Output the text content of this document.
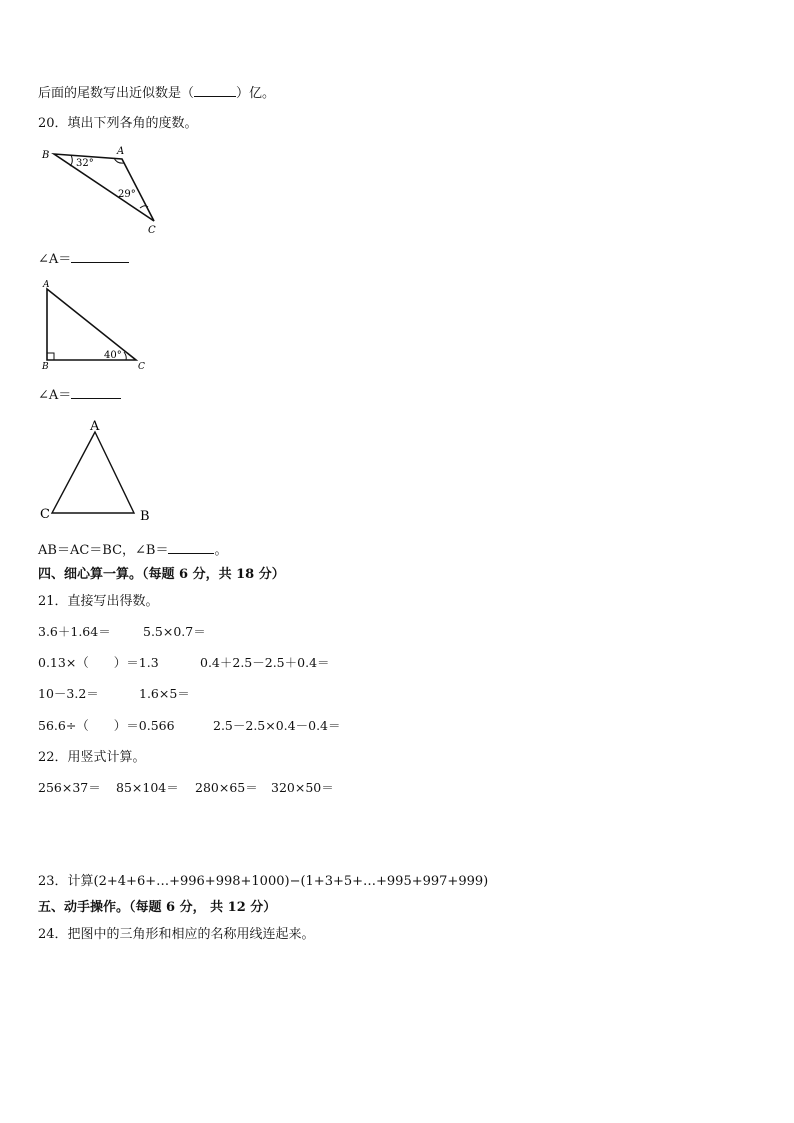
后面的尾数写出近似数是（	）亿。
20．填出下列各角的度数。
B	A
C
32°
29°
∠A＝
A
B	C
40°
∠A＝
A
C	B
AB＝AC＝BC，∠B＝	。
四、细心算一算。（每题 6 分，共 18 分）
21．直接写出得数。
3.6＋1.64＝	5.5×0.7＝
0.13×（　　）＝1.3	0.4＋2.5－2.5＋0.4＝
10－3.2＝	1.6×5＝
56.6÷（　　）＝0.566	2.5－2.5×0.4－0.4＝
22．用竖式计算。
256×37＝ 85×104＝ 280×65＝ 320×50＝
23．计算(2+4+6+…+996+998+1000)−(1+3+5+…+995+997+999)
五、动手操作。（每题 6 分， 共 12 分）
24．把图中的三角形和相应的名称用线连起来。
